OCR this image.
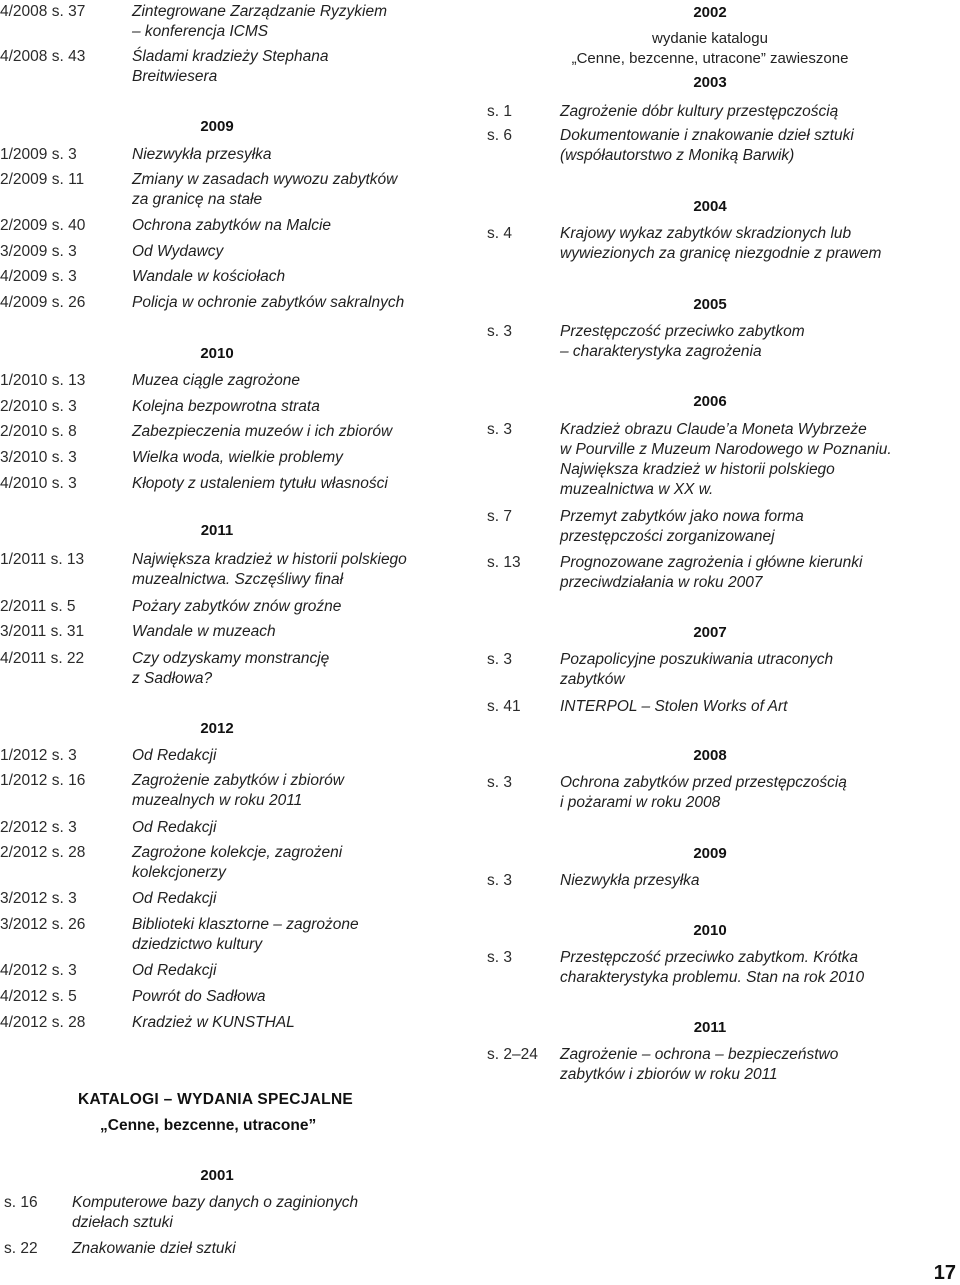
4/2008 s. 37	Zintegrowane Zarządzanie Ryzykiem
– konferencja ICMS
4/2008 s. 43	Śladami kradzieży Stephana
Breitwiesera
2009
1/2009 s. 3	Niezwykła przesyłka
2/2009 s. 11	Zmiany w zasadach wywozu zabytków
za granicę na stałe
2/2009 s. 40	Ochrona zabytków na Malcie
3/2009 s. 3	Od Wydawcy
4/2009 s. 3	Wandale w kościołach
4/2009 s. 26	Policja w ochronie zabytków sakralnych
2010
1/2010 s. 13	Muzea ciągle zagrożone
2/2010 s. 3	Kolejna bezpowrotna strata
2/2010 s. 8	Zabezpieczenia muzeów i ich zbiorów
3/2010 s. 3	Wielka woda, wielkie problemy
4/2010 s. 3	Kłopoty z ustaleniem tytułu własności
2011
1/2011 s. 13	Największa kradzież w historii polskiego
muzealnictwa. Szczęśliwy finał
2/2011 s. 5	Pożary zabytków znów groźne
3/2011 s. 31	Wandale w muzeach
4/2011 s. 22	Czy odzyskamy monstrancję
z Sadłowa?
2012
1/2012 s. 3	Od Redakcji
1/2012 s. 16	Zagrożenie zabytków i zbiorów
muzealnych w roku 2011
2/2012 s. 3	Od Redakcji
2/2012 s. 28	Zagrożone kolekcje, zagrożeni
kolekcjonerzy
3/2012 s. 3	Od Redakcji
3/2012 s. 26	Biblioteki klasztorne – zagrożone
dziedzictwo kultury
4/2012 s. 3	Od Redakcji
4/2012 s. 5	Powrót do Sadłowa
4/2012 s. 28	Kradzież w KUNSTHAL
KATALOGI – WYDANIA SPECJALNE
„Cenne, bezcenne, utracone”
2001
s. 16 Komputerowe bazy danych o zaginionych
dziełach sztuki
s. 22 Znakowanie dzieł sztuki
2002
wydanie katalogu
„Cenne, bezcenne, utracone” zawieszone
2003
s. 1	Zagrożenie dóbr kultury przestępczością
s. 6	Dokumentowanie i znakowanie dzieł sztuki
(współautorstwo z Moniką Barwik)
2004
s. 4	Krajowy wykaz zabytków skradzionych lub
wywiezionych za granicę niezgodnie z prawem
2005
s. 3	Przestępczość przeciwko zabytkom
– charakterystyka zagrożenia
2006
s. 3	Kradzież obrazu Claude’a Moneta Wybrzeże
w Pourville z Muzeum Narodowego w Poznaniu.
Największa kradzież w historii polskiego
muzealnictwa w XX w.
s. 7	Przemyt zabytków jako nowa forma
przestępczości zorganizowanej
s. 13	Prognozowane zagrożenia i główne kierunki
przeciwdziałania w roku 2007
2007
s. 3	Pozapolicyjne poszukiwania utraconych
zabytków
s. 41	INTERPOL – Stolen Works of Art
2008
s. 3	Ochrona zabytków przed przestępczością
i pożarami w roku 2008
2009
s. 3	Niezwykła przesyłka
2010
s. 3	Przestępczość przeciwko zabytkom. Krótka
charakterystyka problemu. Stan na rok 2010
2011
s. 2–24 Zagrożenie – ochrona – bezpieczeństwo
zabytków i zbiorów w roku 2011
17
